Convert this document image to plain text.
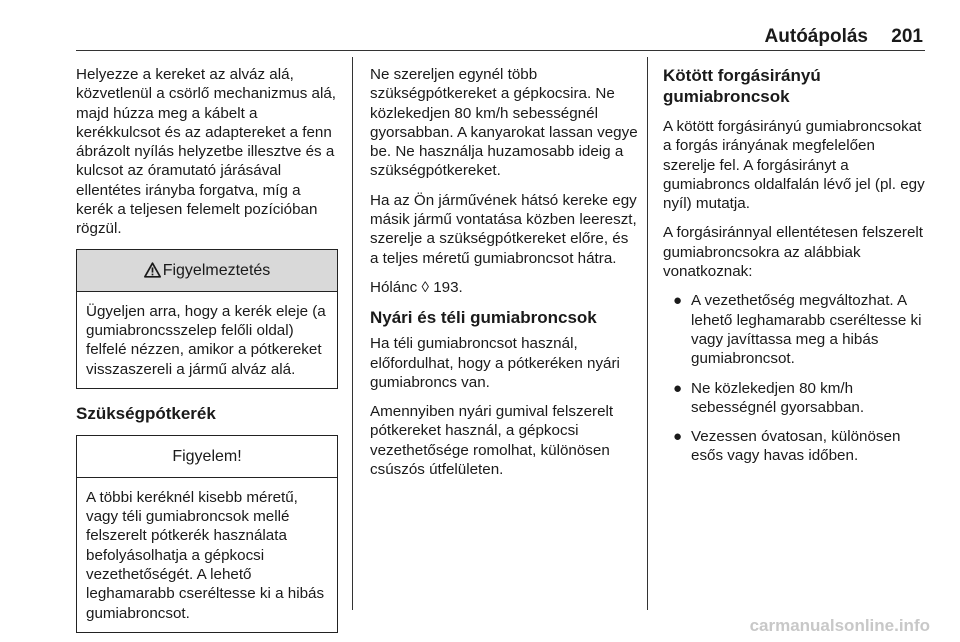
Autóápolás 201

Helyezze a kereket az alváz alá, közvetlenül a csörlő mechanizmus alá, majd húzza meg a kábelt a kerékkulcsot és az adaptereket a fenn ábrázolt nyílás helyzetbe illesztve és a kulcsot az óramutató járásával ellentétes irányba forgatva, míg a kerék a teljesen felemelt pozícióban rögzül.

Figyelmeztetés
Ügyeljen arra, hogy a kerék eleje (a gumiabroncsszelep felőli oldal) felfelé nézzen, amikor a pótkereket visszaszereli a jármű alváz alá.
Szükségpótkerék
Figyelem!
A többi keréknél kisebb méretű, vagy téli gumiabroncsok mellé felszerelt pótkerék használata befolyásolhatja a gépkocsi vezethetőségét. A lehető leghamarabb cseréltesse ki a hibás gumiabroncsot.

Ne szereljen egynél több szükségpótkereket a gépkocsira. Ne közlekedjen 80 km/h sebességnél gyorsabban. A kanyarokat lassan vegye be. Ne használja huzamosabb ideig a szükségpótkereket.

Ha az Ön járművének hátsó kereke egy másik jármű vontatása közben leereszt, szerelje a szükségpótkereket előre, és a teljes méretű gumiabroncsot hátra.

Hólánc ◊ 193.

Nyári és téli gumiabroncsok

Ha téli gumiabroncsot használ, előfordulhat, hogy a pótkeréken nyári gumiabroncs van.

Amennyiben nyári gumival felszerelt pótkereket használ, a gépkocsi vezethetősége romolhat, különösen csúszós útfelületen.

Kötött forgásirányú gumiabroncsok

A kötött forgásirányú gumiabroncsokat a forgás irányának megfelelően szerelje fel. A forgásirányt a gumiabroncs oldalfalán lévő jel (pl. egy nyíl) mutatja.

A forgásiránnyal ellentétesen felszerelt gumiabroncsokra az alábbiak vonatkoznak:

● A vezethetőség megváltozhat. A lehető leghamarabb cseréltesse ki vagy javíttassa meg a hibás gumiabroncsot.
● Ne közlekedjen 80 km/h sebességnél gyorsabban.
● Vezessen óvatosan, különösen esős vagy havas időben.
carmanualsonline.info
